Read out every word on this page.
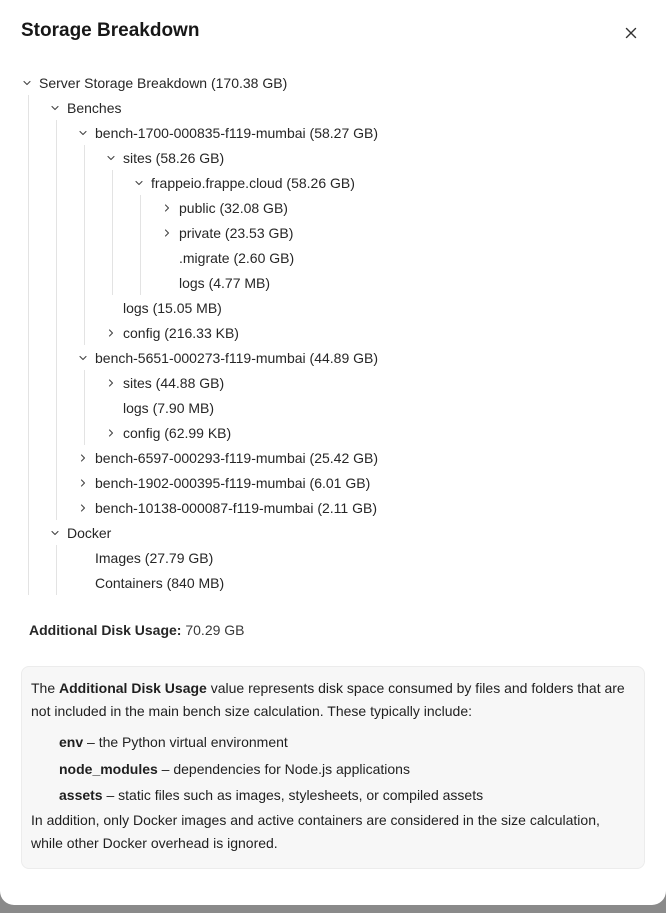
Storage Breakdown
Server Storage Breakdown (170.38 GB)
Benches
bench-1700-000835-f119-mumbai (58.27 GB)
sites (58.26 GB)
frappeio.frappe.cloud (58.26 GB)
public (32.08 GB)
private (23.53 GB)
.migrate (2.60 GB)
logs (4.77 MB)
logs (15.05 MB)
config (216.33 KB)
bench-5651-000273-f119-mumbai (44.89 GB)
sites (44.88 GB)
logs (7.90 MB)
config (62.99 KB)
bench-6597-000293-f119-mumbai (25.42 GB)
bench-1902-000395-f119-mumbai (6.01 GB)
bench-10138-000087-f119-mumbai (2.11 GB)
Docker
Images (27.79 GB)
Containers (840 MB)
Additional Disk Usage: 70.29 GB
The Additional Disk Usage value represents disk space consumed by files and folders that are not included in the main bench size calculation. These typically include:
env – the Python virtual environment
node_modules – dependencies for Node.js applications
assets – static files such as images, stylesheets, or compiled assets
In addition, only Docker images and active containers are considered in the size calculation, while other Docker overhead is ignored.
